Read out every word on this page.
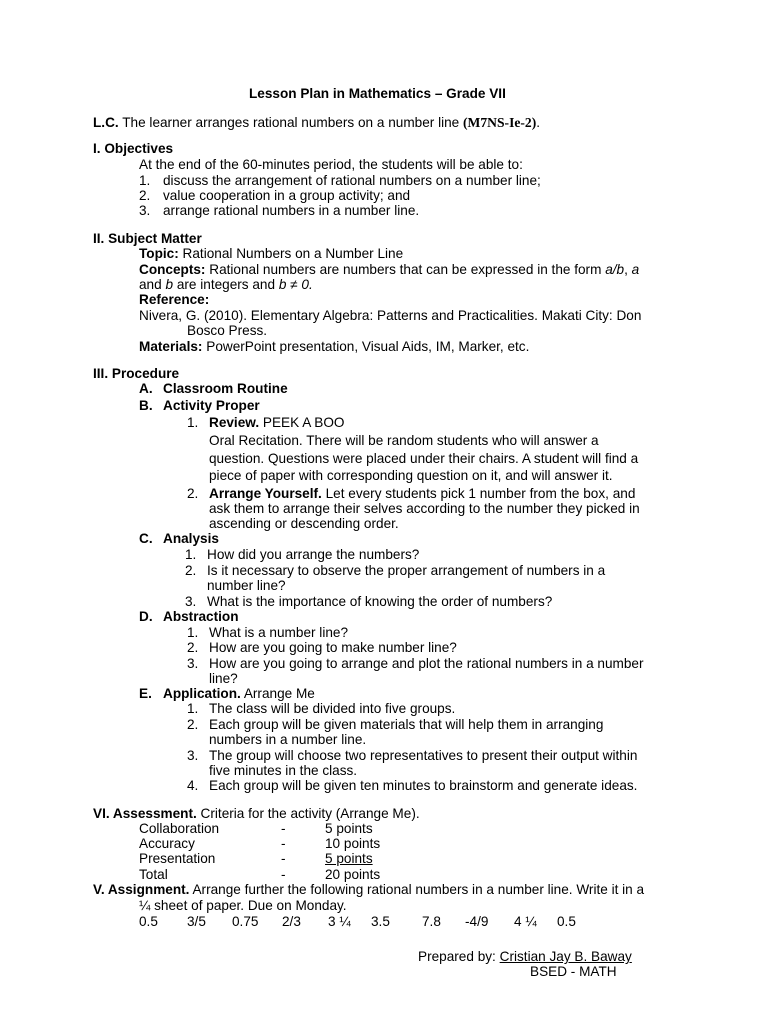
Lesson Plan in Mathematics – Grade VII
L.C. The learner arranges rational numbers on a number line (M7NS-Ie-2).
I. Objectives
At the end of the 60-minutes period, the students will be able to:
1. discuss the arrangement of rational numbers on a number line;
2. value cooperation in a group activity; and
3. arrange rational numbers in a number line.
II. Subject Matter
Topic: Rational Numbers on a Number Line
Concepts: Rational numbers are numbers that can be expressed in the form a/b, a
and b are integers and b ≠ 0.
Reference:
Nivera, G. (2010). Elementary Algebra: Patterns and Practicalities. Makati City: Don
Bosco Press.
Materials: PowerPoint presentation, Visual Aids, IM, Marker, etc.
III. Procedure
A. Classroom Routine
B. Activity Proper
1. Review. PEEK A BOO
Oral Recitation. There will be random students who will answer a
question. Questions were placed under their chairs. A student will find a
piece of paper with corresponding question on it, and will answer it.
2. Arrange Yourself. Let every students pick 1 number from the box, and
ask them to arrange their selves according to the number they picked in
ascending or descending order.
C. Analysis
1. How did you arrange the numbers?
2. Is it necessary to observe the proper arrangement of numbers in a
number line?
3. What is the importance of knowing the order of numbers?
D. Abstraction
1. What is a number line?
2. How are you going to make number line?
3. How are you going to arrange and plot the rational numbers in a number
line?
E. Application. Arrange Me
1. The class will be divided into five groups.
2. Each group will be given materials that will help them in arranging
numbers in a number line.
3. The group will choose two representatives to present their output within
five minutes in the class.
4. Each group will be given ten minutes to brainstorm and generate ideas.
VI. Assessment. Criteria for the activity (Arrange Me).
Collaboration	-	5 points
Accuracy	-	10 points
Presentation	-	5 points
Total	-	20 points
V. Assignment. Arrange further the following rational numbers in a number line. Write it in a
¼ sheet of paper. Due on Monday.
0.5 3/5 0.75 2/3 3 ¼ 3.5 7.8 -4/9 4 ¼ 0.5
Prepared by: Cristian Jay B. Baway
BSED - MATH
